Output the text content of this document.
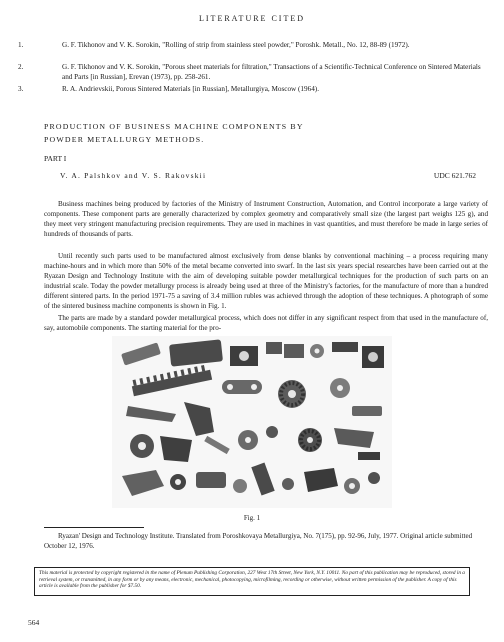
LITERATURE CITED
1.	G. F. Tikhonov and V. K. Sorokin, "Rolling of strip from stainless steel powder," Poroshk. Metall., No. 12, 88-89 (1972).
2.	G. F. Tikhonov and V. K. Sorokin, "Porous sheet materials for filtration," Transactions of a Scientific-Technical Conference on Sintered Materials and Parts [in Russian], Erevan (1973), pp. 258-261.
3.	R. A. Andrievskii, Porous Sintered Materials [in Russian], Metallurgiya, Moscow (1964).
PRODUCTION OF BUSINESS MACHINE COMPONENTS BY
POWDER METALLURGY METHODS.
PART I
V. A. Palshkov and V. S. Rakovskii	UDC 621.762
Business machines being produced by factories of the Ministry of Instrument Construction, Automation, and Control incorporate a large variety of components. These component parts are generally characterized by complex geometry and comparatively small size (the largest part weighs 125 g), and they meet very stringent manufacturing precision requirements. They are used in machines in vast quantities, and must therefore be made in large series of hundreds of thousands of parts.
Until recently such parts used to be manufactured almost exclusively from dense blanks by conventional machining – a process requiring many machine-hours and in which more than 50% of the metal became converted into swarf. In the last six years special researches have been carried out at the Ryazan Design and Technology Institute with the aim of developing suitable powder metallurgical techniques for the production of such parts on an industrial scale. Today the powder metallurgy process is already being used at three of the Ministry's factories, for the manufacture of more than a hundred different sintered parts. In the period 1971-75 a saving of 3.4 million rubles was achieved through the adoption of these techniques. A photograph of some of the sintered business machine components is shown in Fig. 1.
The parts are made by a standard powder metallurgical process, which does not differ in any significant respect from that used in the manufacture of, say, automobile components. The starting material for the pro-
Fig. 1
Ryazan' Design and Technology Institute. Translated from Poroshkovaya Metallurgiya, No. 7(175), pp. 92-96, July, 1977. Original article submitted October 12, 1976.
This material is protected by copyright registered in the name of Plenum Publishing Corporation, 227 West 17th Street, New York, N.Y. 10011. No part of this publication may be reproduced, stored in a retrieval system, or transmitted, in any form or by any means, electronic, mechanical, photocopying, microfilming, recording or otherwise, without written permission of the publisher. A copy of this article is available from the publisher for $7.50.
564
